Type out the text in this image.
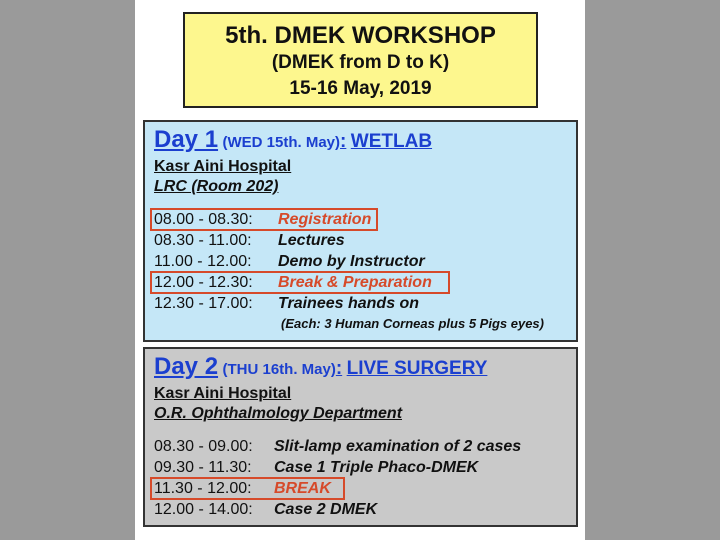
5th. DMEK WORKSHOP
(DMEK from D to K)
15-16 May, 2019
Day 1 (WED 15th. May): WETLAB
Kasr Aini Hospital
LRC (Room 202)
08.00 - 08.30:	Registration
08.30 - 11.00:	Lectures
11.00 - 12.00:	Demo by Instructor
12.00 - 12.30:	Break & Preparation
12.30 - 17.00:	Trainees hands on
(Each: 3 Human Corneas plus 5 Pigs eyes)
Day 2 (THU 16th. May): LIVE SURGERY
Kasr Aini Hospital
O.R. Ophthalmology Department
08.30 - 09.00:	Slit-lamp examination of 2 cases
09.30 - 11.30:	Case 1 Triple Phaco-DMEK
11.30 - 12.00:	BREAK
12.00 - 14.00:	Case 2 DMEK
